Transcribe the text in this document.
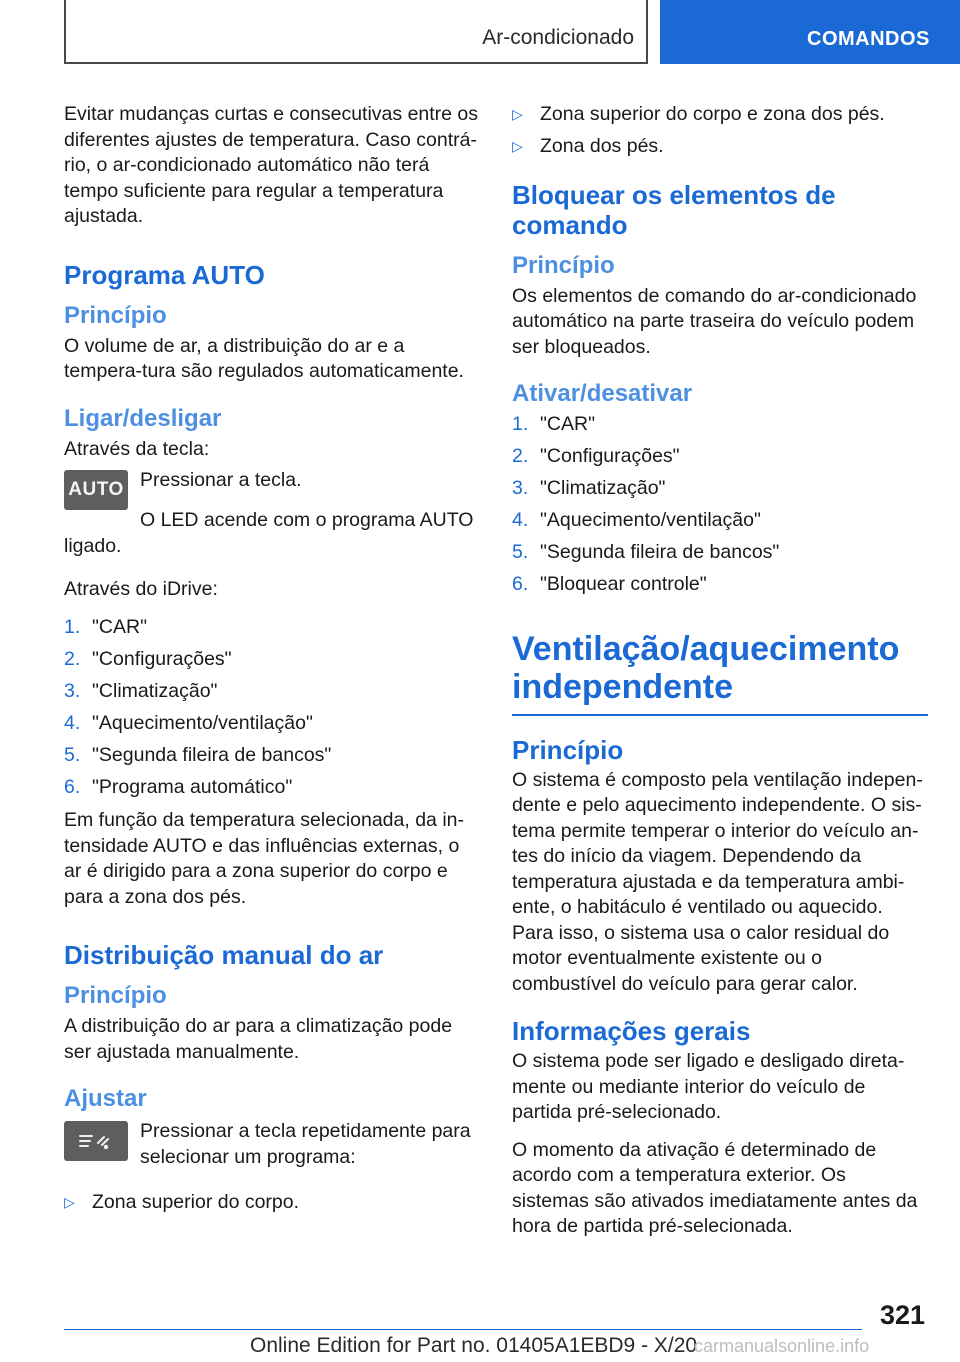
Ar-condicionado	COMANDOS

Evitar mudanças curtas e consecutivas entre os diferentes ajustes de temperatura. Caso contrá-rio, o ar-condicionado automático não terá tempo suficiente para regular a temperatura ajustada.

Programa AUTO
Princípio

O volume de ar, a distribuição do ar e a tempera-tura são regulados automaticamente.

Ligar/desligar

Através da tecla:

AUTO Pressionar a tecla.

O LED acende com o programa AUTO ligado.

Através do iDrive:

1. "CAR"
2. "Configurações"
3. "Climatização"
4. "Aquecimento/ventilação"
5. "Segunda fileira de bancos"
6. "Programa automático"

Em função da temperatura selecionada, da in-tensidade AUTO e das influências externas, o ar é dirigido para a zona superior do corpo e para a zona dos pés.

Distribuição manual do ar
Princípio

A distribuição do ar para a climatização pode ser ajustada manualmente.

Ajustar

Pressionar a tecla repetidamente para selecionar um programa:

▷ Zona superior do corpo.
▷ Zona superior do corpo e zona dos pés.
▷ Zona dos pés.
Bloquear os elementos de comando
Princípio

Os elementos de comando do ar-condicionado automático na parte traseira do veículo podem ser bloqueados.

Ativar/desativar
1. "CAR"
2. "Configurações"
3. "Climatização"
4. "Aquecimento/ventilação"
5. "Segunda fileira de bancos"
6. "Bloquear controle"
Ventilação/aquecimento independente
Princípio

O sistema é composto pela ventilação indepen-dente e pelo aquecimento independente. O sis-tema permite temperar o interior do veículo an-tes do início da viagem. Dependendo da temperatura ajustada e da temperatura ambi-ente, o habitáculo é ventilado ou aquecido. Para isso, o sistema usa o calor residual do motor eventualmente existente ou o combustível do veículo para gerar calor.

Informações gerais

O sistema pode ser ligado e desligado direta-mente ou mediante interior do veículo de partida pré-selecionado.

O momento da ativação é determinado de acordo com a temperatura exterior. Os sistemas são ativados imediatamente antes da hora de partida pré-selecionada.

321
Online Edition for Part no. 01405A1EBD9 - X/20
carmanualsonline.info
